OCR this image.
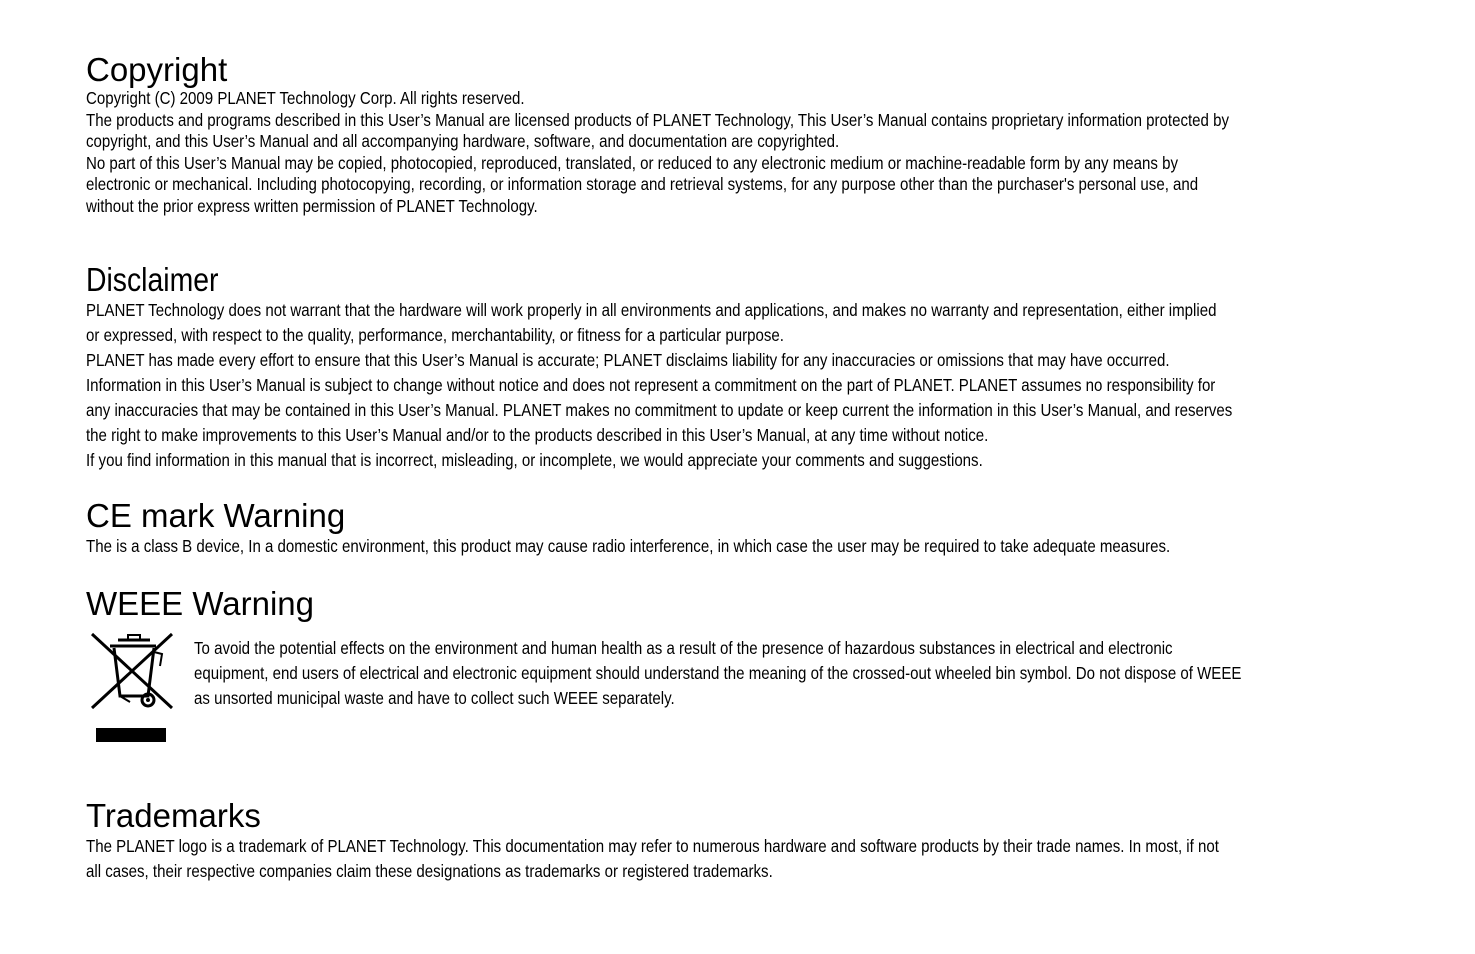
Copyright

Copyright (C) 2009 PLANET Technology Corp. All rights reserved.

The products and programs described in this User’s Manual are licensed products of PLANET Technology, This User’s Manual contains proprietary information protected by

copyright, and this User’s Manual and all accompanying hardware, software, and documentation are copyrighted.

No part of this User’s Manual may be copied, photocopied, reproduced, translated, or reduced to any electronic medium or machine-readable form by any means by

electronic or mechanical. Including photocopying, recording, or information storage and retrieval systems, for any purpose other than the purchaser's personal use, and

without the prior express written permission of PLANET Technology.

Disclaimer

PLANET Technology does not warrant that the hardware will work properly in all environments and applications, and makes no warranty and representation, either implied

or expressed, with respect to the quality, performance, merchantability, or fitness for a particular purpose.

PLANET has made every effort to ensure that this User’s Manual is accurate; PLANET disclaims liability for any inaccuracies or omissions that may have occurred.

Information in this User’s Manual is subject to change without notice and does not represent a commitment on the part of PLANET. PLANET assumes no responsibility for

any inaccuracies that may be contained in this User’s Manual. PLANET makes no commitment to update or keep current the information in this User’s Manual, and reserves

the right to make improvements to this User’s Manual and/or to the products described in this User’s Manual, at any time without notice.

If you find information in this manual that is incorrect, misleading, or incomplete, we would appreciate your comments and suggestions.

CE mark Warning

The is a class B device, In a domestic environment, this product may cause radio interference, in which case the user may be required to take adequate measures.

WEEE Warning

To avoid the potential effects on the environment and human health as a result of the presence of hazardous substances in electrical and electronic

equipment, end users of electrical and electronic equipment should understand the meaning of the crossed-out wheeled bin symbol. Do not dispose of WEEE

as unsorted municipal waste and have to collect such WEEE separately.

Trademarks

The PLANET logo is a trademark of PLANET Technology. This documentation may refer to numerous hardware and software products by their trade names. In most, if not

all cases, their respective companies claim these designations as trademarks or registered trademarks.
